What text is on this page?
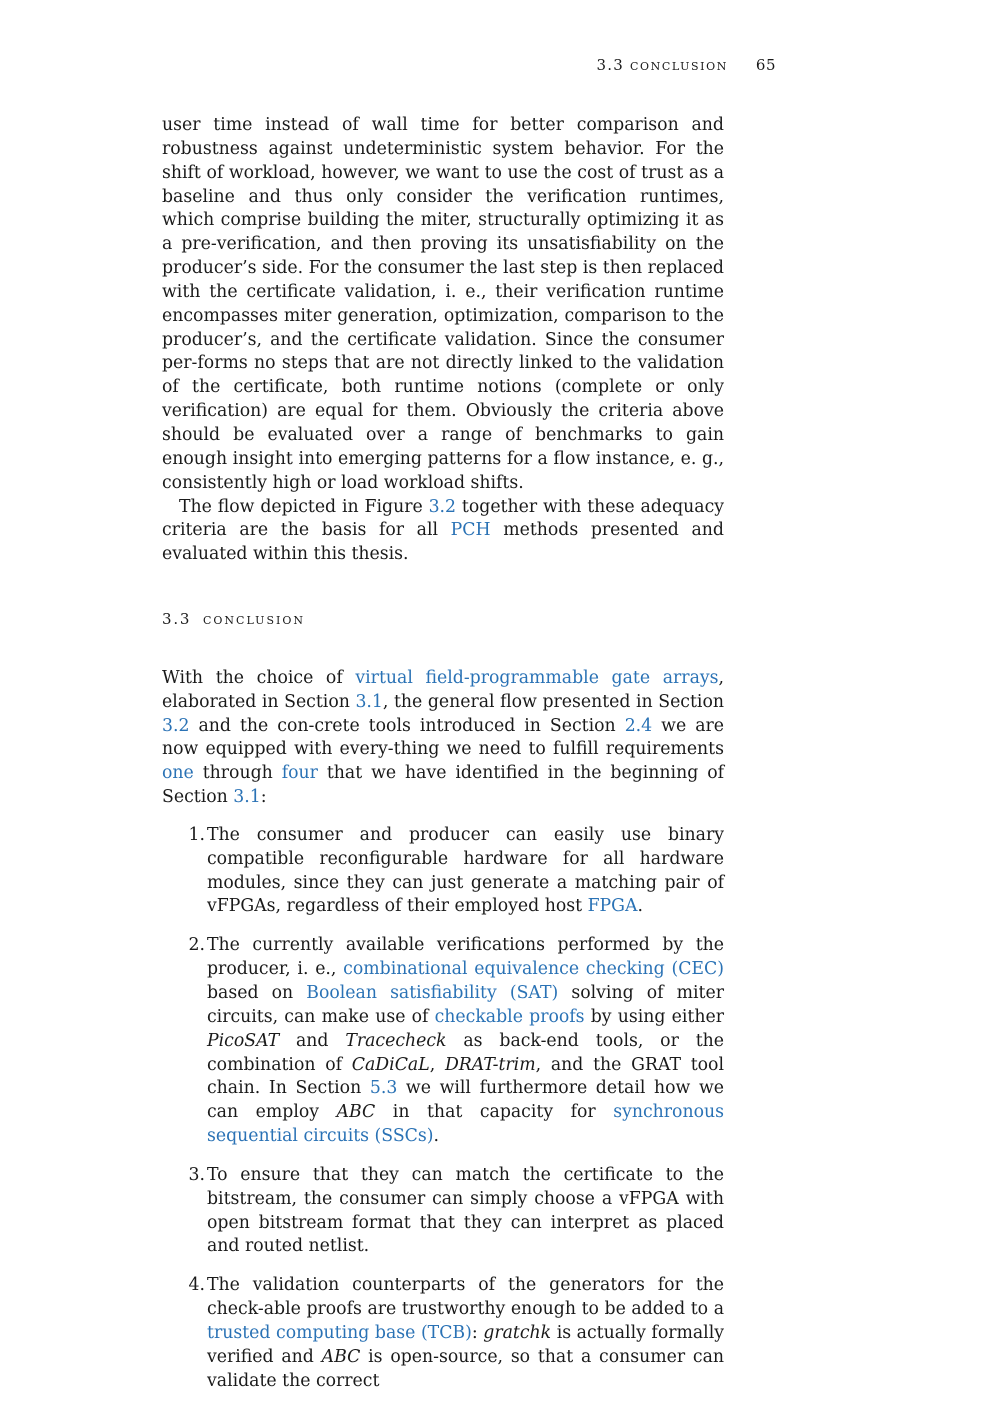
3.3 conclusion 65

user time instead of wall time for better comparison and robustness against undeterministic system behavior. For the shift of workload, however, we want to use the cost of trust as a baseline and thus only consider the verification runtimes, which comprise building the miter, structurally optimizing it as a pre-verification, and then proving its unsatisfiability on the producer’s side. For the consumer the last step is then replaced with the certificate validation, i. e., their verification runtime encompasses miter generation, optimization, comparison to the producer’s, and the certificate validation. Since the consumer per-forms no steps that are not directly linked to the validation of the certificate, both runtime notions (complete or only verification) are equal for them. Obviously the criteria above should be evaluated over a range of benchmarks to gain enough insight into emerging patterns for a flow instance, e. g., consistently high or load workload shifts.

The flow depicted in Figure 3.2 together with these adequacy criteria are the basis for all PCH methods presented and evaluated within this thesis.

3.3 conclusion

With the choice of virtual field-programmable gate arrays, elaborated in Section 3.1, the general flow presented in Section 3.2 and the con-crete tools introduced in Section 2.4 we are now equipped with every-thing we need to fulfill requirements one through four that we have identified in the beginning of Section 3.1:

1. The consumer and producer can easily use binary compatible reconfigurable hardware for all hardware modules, since they can just generate a matching pair of vFPGAs, regardless of their employed host FPGA.
2. The currently available verifications performed by the producer, i. e., combinational equivalence checking (CEC) based on Boolean satisfiability (SAT) solving of miter circuits, can make use of checkable proofs by using either PicoSAT and Tracecheck as back-end tools, or the combination of CaDiCaL, DRAT-trim, and the GRAT tool chain. In Section 5.3 we will furthermore detail how we can employ ABC in that capacity for synchronous sequential circuits (SSCs).
3. To ensure that they can match the certificate to the bitstream, the consumer can simply choose a vFPGA with open bitstream format that they can interpret as placed and routed netlist.
4. The validation counterparts of the generators for the check-able proofs are trustworthy enough to be added to a trusted computing base (TCB): gratchk is actually formally verified and ABC is open-source, so that a consumer can validate the correct
